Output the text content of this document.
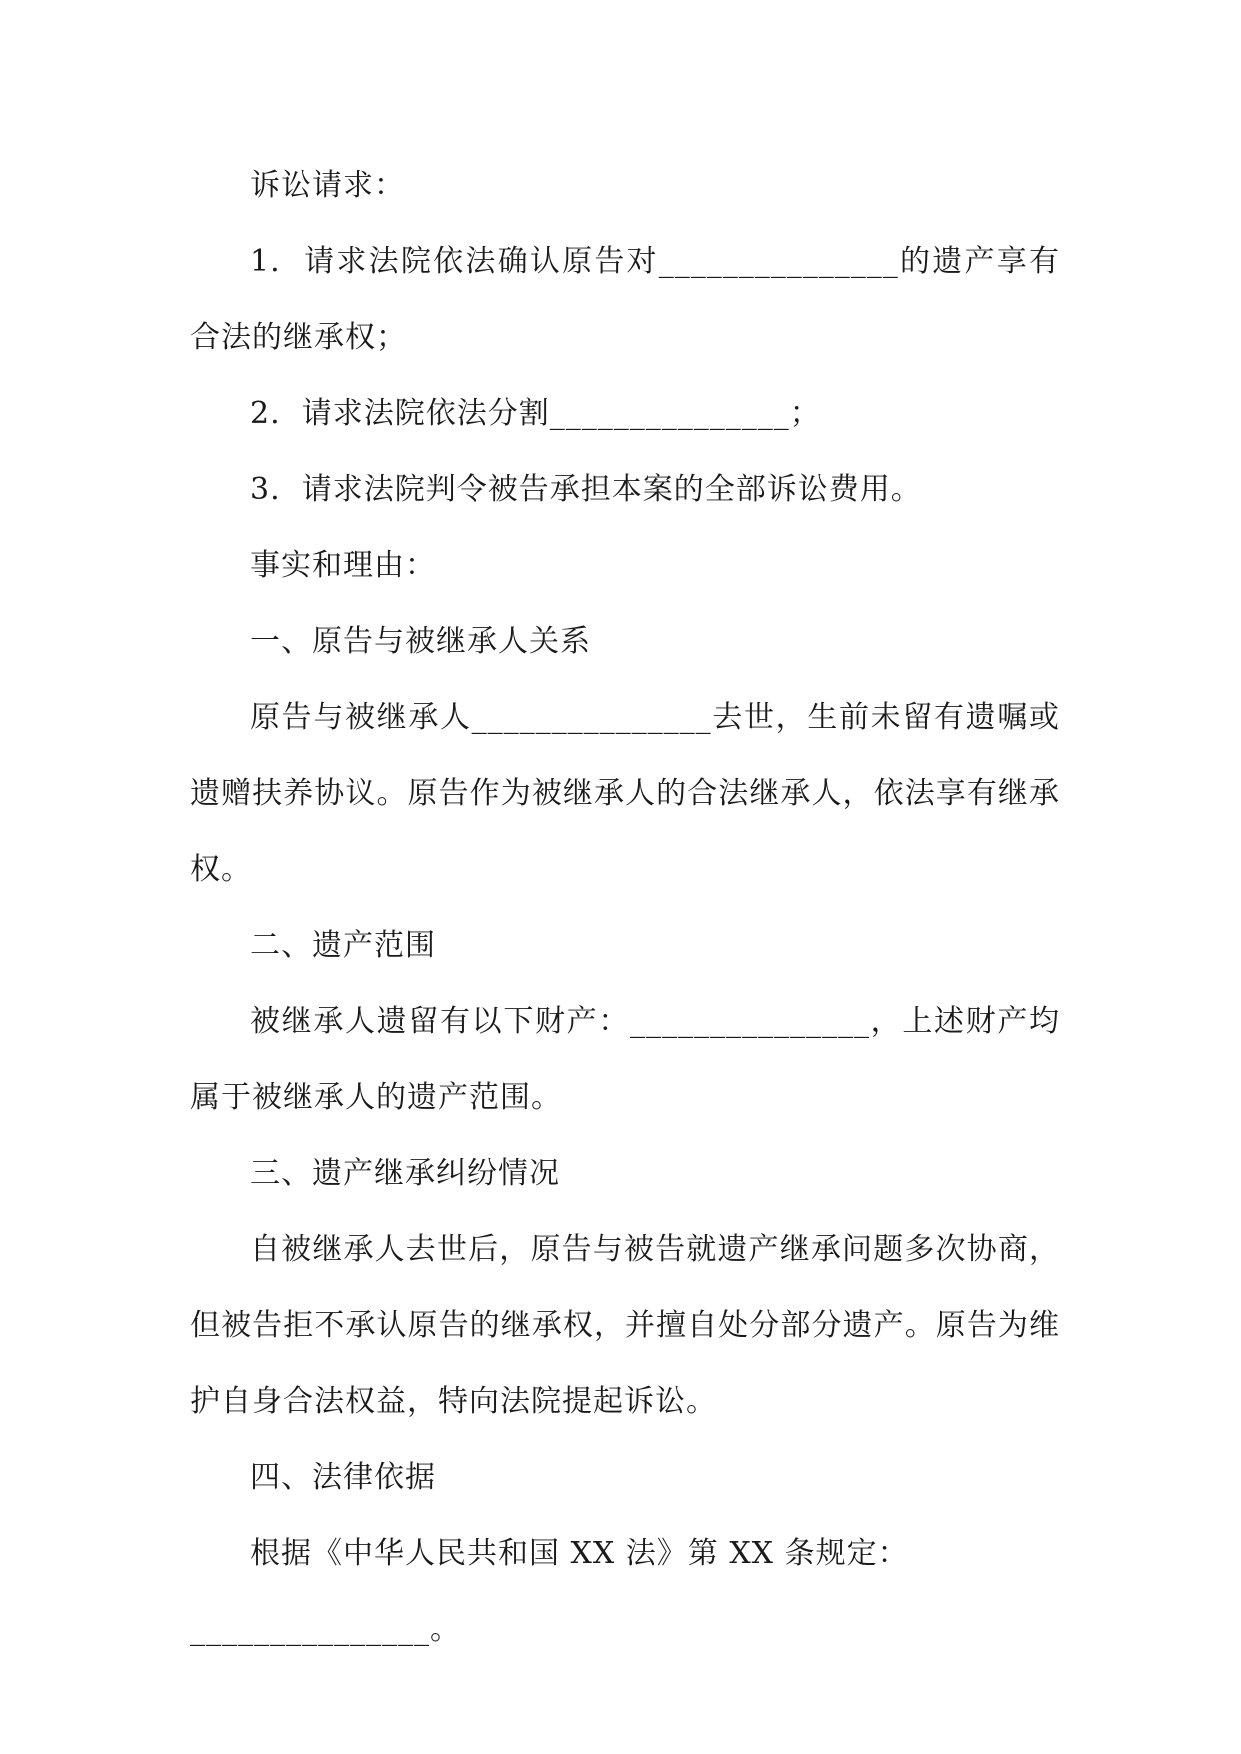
诉讼请求：

1.  请求法院依法确认原告对_______________的遗产享有合法的继承权；

2.  请求法院依法分割_______________；

3.  请求法院判令被告承担本案的全部诉讼费用。

事实和理由：

一、原告与被继承人关系

原告与被继承人_______________去世，生前未留有遗嘱或遗赠扶养协议。原告作为被继承人的合法继承人，依法享有继承权。

二、遗产范围

被继承人遗留有以下财产：_______________，上述财产均属于被继承人的遗产范围。

三、遗产继承纠纷情况

自被继承人去世后，原告与被告就遗产继承问题多次协商，但被告拒不承认原告的继承权，并擅自处分部分遗产。原告为维护自身合法权益，特向法院提起诉讼。

四、法律依据

根据《中华人民共和国 XX 法》第 XX 条规定：

_______________。
